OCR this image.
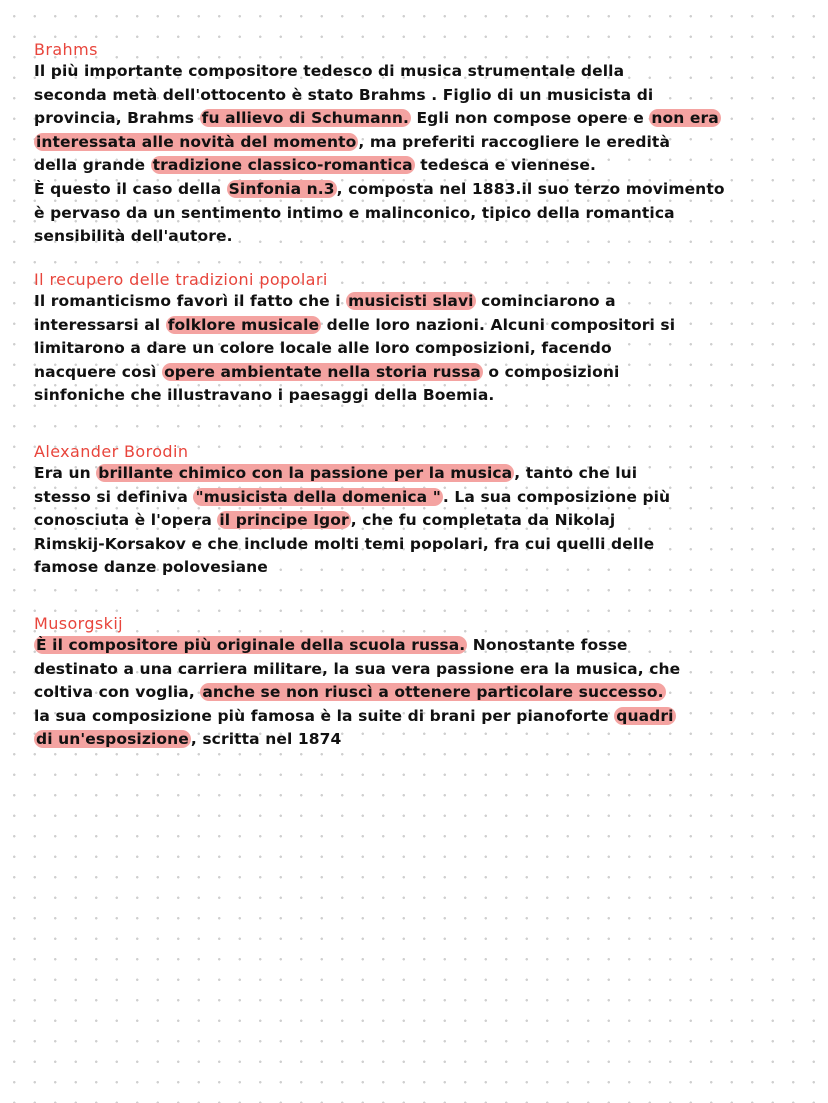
Brahms
Il più importante compositore tedesco di musica strumentale della
seconda metà dell'ottocento è stato Brahms . Figlio di un musicista di
provincia, Brahms fu allievo di Schumann. Egli non compose opere e non era
interessata alle novità del momento , ma preferiti raccogliere le eredità
della grande tradizione classico-romantica tedesca e viennese.
È questo il caso della Sinfonia n.3 , composta nel 1883.il suo terzo movimento
è pervaso da un sentimento intimo e malinconico, tipico della romantica
sensibilità dell'autore.
Il recupero delle tradizioni popolari
Il romanticismo favorì il fatto che i musicisti slavi cominciarono a
interessarsi al folklore musicale delle loro nazioni. Alcuni compositori si
limitarono a dare un colore locale alle loro composizioni, facendo
nacquere così opere ambientate nella storia russa o composizioni
sinfoniche che illustravano i paesaggi della Boemia.
Alexander Borodin
Era un brillante chimico con la passione per la musica , tanto che lui
stesso si definiva "musicista della domenica " . La sua composizione più
conosciuta è l'opera il principe Igor , che fu completata da Nikolaj
Rimskij-Korsakov e che include molti temi popolari, fra cui quelli delle
famose danze polovesiane
Musorgskij
È il compositore più originale della scuola russa. Nonostante fosse
destinato a una carriera militare, la sua vera passione era la musica, che
coltiva con voglia, anche se non riuscì a ottenere particolare successo.
la sua composizione più famosa è la suite di brani per pianoforte quadri
di un'esposizione , scritta nel 1874
